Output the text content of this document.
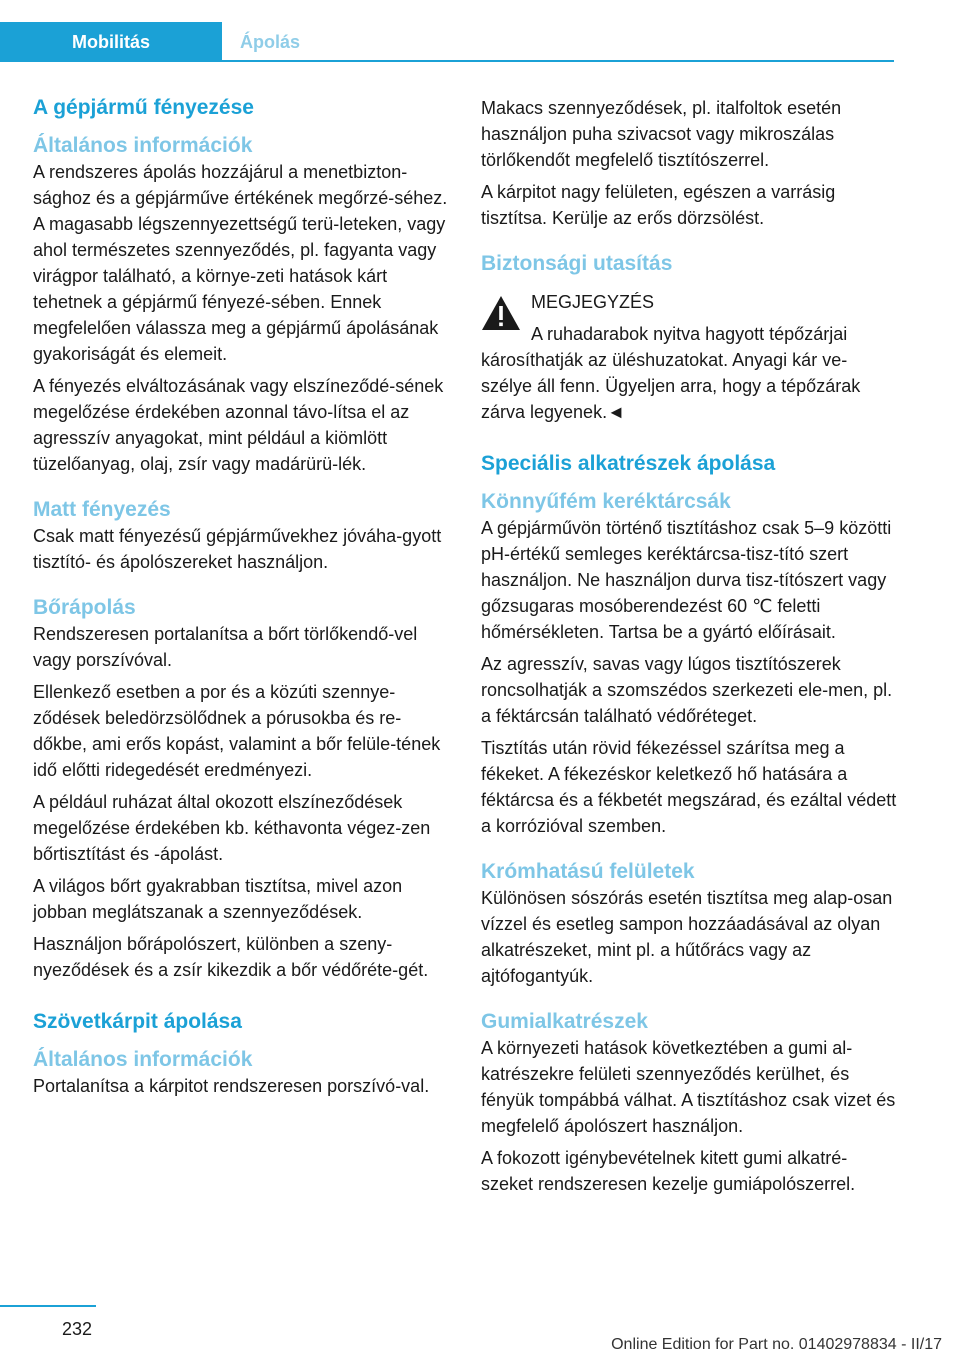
Mobilitás	Ápolás
A gépjármű fényezése
Általános információk

A rendszeres ápolás hozzájárul a menetbizton-sághoz és a gépjárműve értékének megőrzé-séhez. A magasabb légszennyezettségű terü-leteken, vagy ahol természetes szennyeződés, pl. fagyanta vagy virágpor található, a környe-zeti hatások kárt tehetnek a gépjármű fényezé-sében. Ennek megfelelően válassza meg a gépjármű ápolásának gyakoriságát és elemeit.

A fényezés elváltozásának vagy elszíneződé-sének megelőzése érdekében azonnal távo-lítsa el az agresszív anyagokat, mint például a kiömlött tüzelőanyag, olaj, zsír vagy madárürü-lék.

Matt fényezés

Csak matt fényezésű gépjárművekhez jóváha-gyott tisztító- és ápolószereket használjon.

Bőrápolás

Rendszeresen portalanítsa a bőrt törlőkendő-vel vagy porszívóval.

Ellenkező esetben a por és a közúti szennye-ződések beledörzsölődnek a pórusokba és re-dőkbe, ami erős kopást, valamint a bőr felüle-tének idő előtti ridegedését eredményezi.

A például ruházat által okozott elszíneződések megelőzése érdekében kb. kéthavonta végez-zen bőrtisztítást és -ápolást.

A világos bőrt gyakrabban tisztítsa, mivel azon jobban meglátszanak a szennyeződések.

Használjon bőrápolószert, különben a szeny-nyeződések és a zsír kikezdik a bőr védőréte-gét.

Szövetkárpit ápolása
Általános információk

Portalanítsa a kárpitot rendszeresen porszívó-val.

Makacs szennyeződések, pl. italfoltok esetén használjon puha szivacsot vagy mikroszálas törlőkendőt megfelelő tisztítószerrel.

A kárpitot nagy felületen, egészen a varrásig tisztítsa. Kerülje az erős dörzsölést.

Biztonsági utasítás
MEGJEGYZÉS

A ruhadarabok nyitva hagyott tépőzárjai károsíthatják az üléshuzatokat. Anyagi kár ve-szélye áll fenn. Ügyeljen arra, hogy a tépőzárak zárva legyenek.◄

Speciális alkatrészek ápolása
Könnyűfém keréktárcsák

A gépjárművön történő tisztításhoz csak 5–9 közötti pH-értékű semleges keréktárcsa-tisz-tító szert használjon. Ne használjon durva tisz-títószert vagy gőzsugaras mosóberendezést 60 ℃ feletti hőmérsékleten. Tartsa be a gyártó előírásait.

Az agresszív, savas vagy lúgos tisztítószerek roncsolhatják a szomszédos szerkezeti ele-men, pl. a féktárcsán található védőréteget.

Tisztítás után rövid fékezéssel szárítsa meg a fékeket. A fékezéskor keletkező hő hatására a féktárcsa és a fékbetét megszárad, és ezáltal védett a korrózióval szemben.

Krómhatású felületek

Különösen sószórás esetén tisztítsa meg alap-osan vízzel és esetleg sampon hozzáadásával az olyan alkatrészeket, mint pl. a hűtőrács vagy az ajtófogantyúk.

Gumialkatrészek

A környezeti hatások következtében a gumi al-katrészekre felületi szennyeződés kerülhet, és fényük tompábbá válhat. A tisztításhoz csak vizet és megfelelő ápolószert használjon.

A fokozott igénybevételnek kitett gumi alkatré-szeket rendszeresen kezelje gumiápolószerrel.

232
Online Edition for Part no. 01402978834 - II/17
